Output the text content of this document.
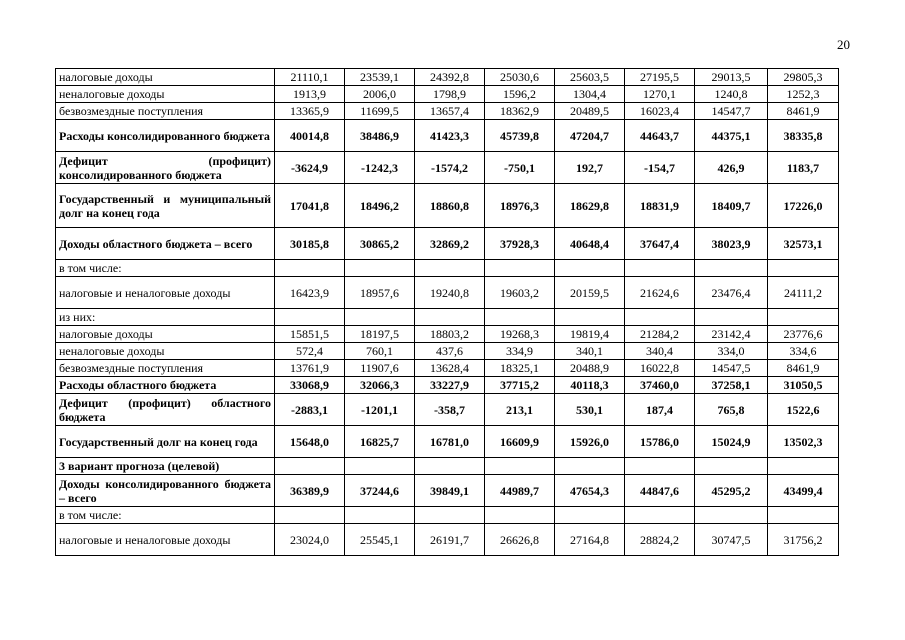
20
налоговые доходы	21110,1	23539,1	24392,8	25030,6	25603,5	27195,5	29013,5	29805,3
неналоговые доходы	1913,9	2006,0	1798,9	1596,2	1304,4	1270,1	1240,8	1252,3
безвозмездные поступления	13365,9	11699,5	13657,4	18362,9	20489,5	16023,4	14547,7	8461,9
Расходы консолидированного бюджета	40014,8	38486,9	41423,3	45739,8	47204,7	44643,7	44375,1	38335,8
Дефицит (профицит) консолидированного бюджета	-3624,9	-1242,3	-1574,2	-750,1	192,7	-154,7	426,9	1183,7
Государственный и муниципальный долг на конец года	17041,8	18496,2	18860,8	18976,3	18629,8	18831,9	18409,7	17226,0
Доходы областного бюджета – всего	30185,8	30865,2	32869,2	37928,3	40648,4	37647,4	38023,9	32573,1
в том числе:								
налоговые и неналоговые доходы	16423,9	18957,6	19240,8	19603,2	20159,5	21624,6	23476,4	24111,2
из них:								
налоговые доходы	15851,5	18197,5	18803,2	19268,3	19819,4	21284,2	23142,4	23776,6
неналоговые доходы	572,4	760,1	437,6	334,9	340,1	340,4	334,0	334,6
безвозмездные поступления	13761,9	11907,6	13628,4	18325,1	20488,9	16022,8	14547,5	8461,9
Расходы областного бюджета	33068,9	32066,3	33227,9	37715,2	40118,3	37460,0	37258,1	31050,5
Дефицит (профицит) областного бюджета	-2883,1	-1201,1	-358,7	213,1	530,1	187,4	765,8	1522,6
Государственный долг на конец года	15648,0	16825,7	16781,0	16609,9	15926,0	15786,0	15024,9	13502,3
3 вариант прогноза (целевой)								
Доходы консолидированного бюджета – всего	36389,9	37244,6	39849,1	44989,7	47654,3	44847,6	45295,2	43499,4
в том числе:								
налоговые и неналоговые доходы	23024,0	25545,1	26191,7	26626,8	27164,8	28824,2	30747,5	31756,2
